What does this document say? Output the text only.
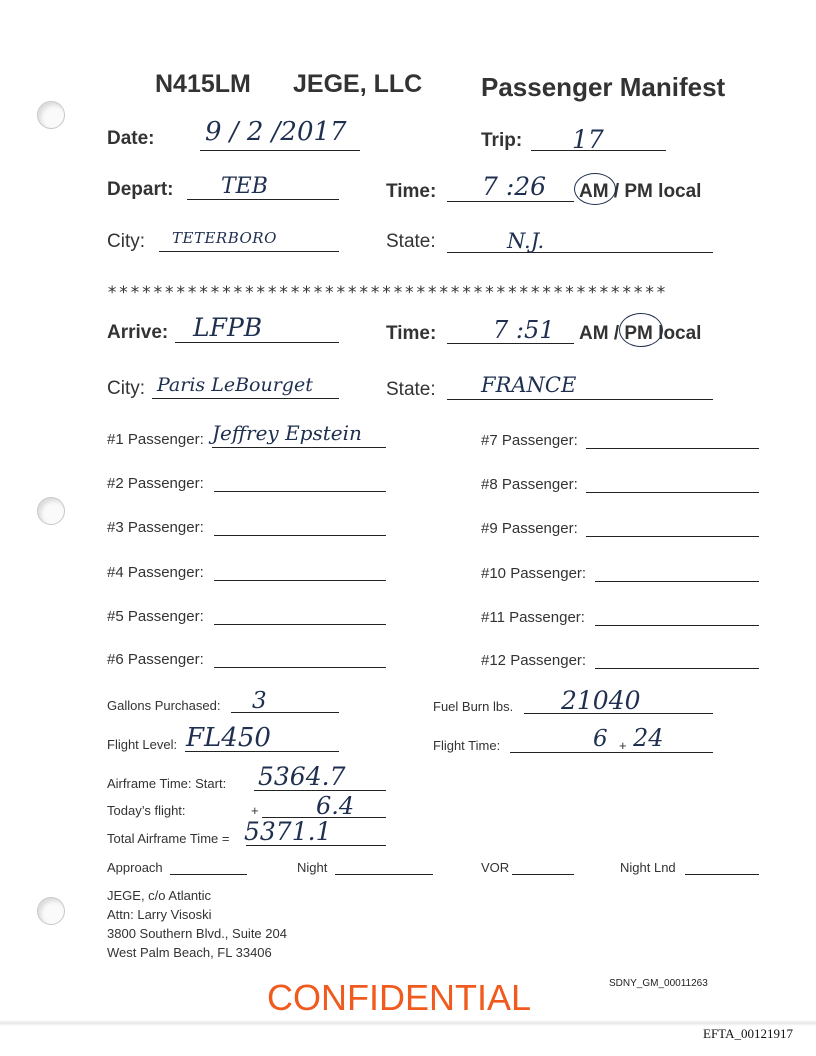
N415LM JEGE, LLC Passenger Manifest
Date: 9 / 2 /2017	Trip: 17
Depart: TEB	Time: 7 :26 AM / PM local
City: TETERBORO	State:	N.J.
*************************************************
Arrive: LFPB	Time: 7 :51 AM / PM local
City: Paris LeBourget	State: FRANCE
#1 Passenger: Jeffrey Epstein
#2 Passenger:
#3 Passenger:
#4 Passenger:
#5 Passenger:
#6 Passenger:
#7 Passenger:
#8 Passenger:
#9 Passenger:
#10 Passenger:
#11 Passenger:
#12 Passenger:
Gallons Purchased: 3	Fuel Burn lbs. 21040
Flight Level: FL450	Flight Time:	6 + 24
Airframe Time: Start: 5364.7
Today’s flight:	+ 6.4
Total Airframe Time = 5371.1
Approach	Night	VOR	Night Lnd
JEGE, c/o Atlantic
Attn: Larry Visoski
3800 Southern Blvd., Suite 204
West Palm Beach, FL 33406
SDNY_GM_00011263
CONFIDENTIAL
EFTA_00121917
